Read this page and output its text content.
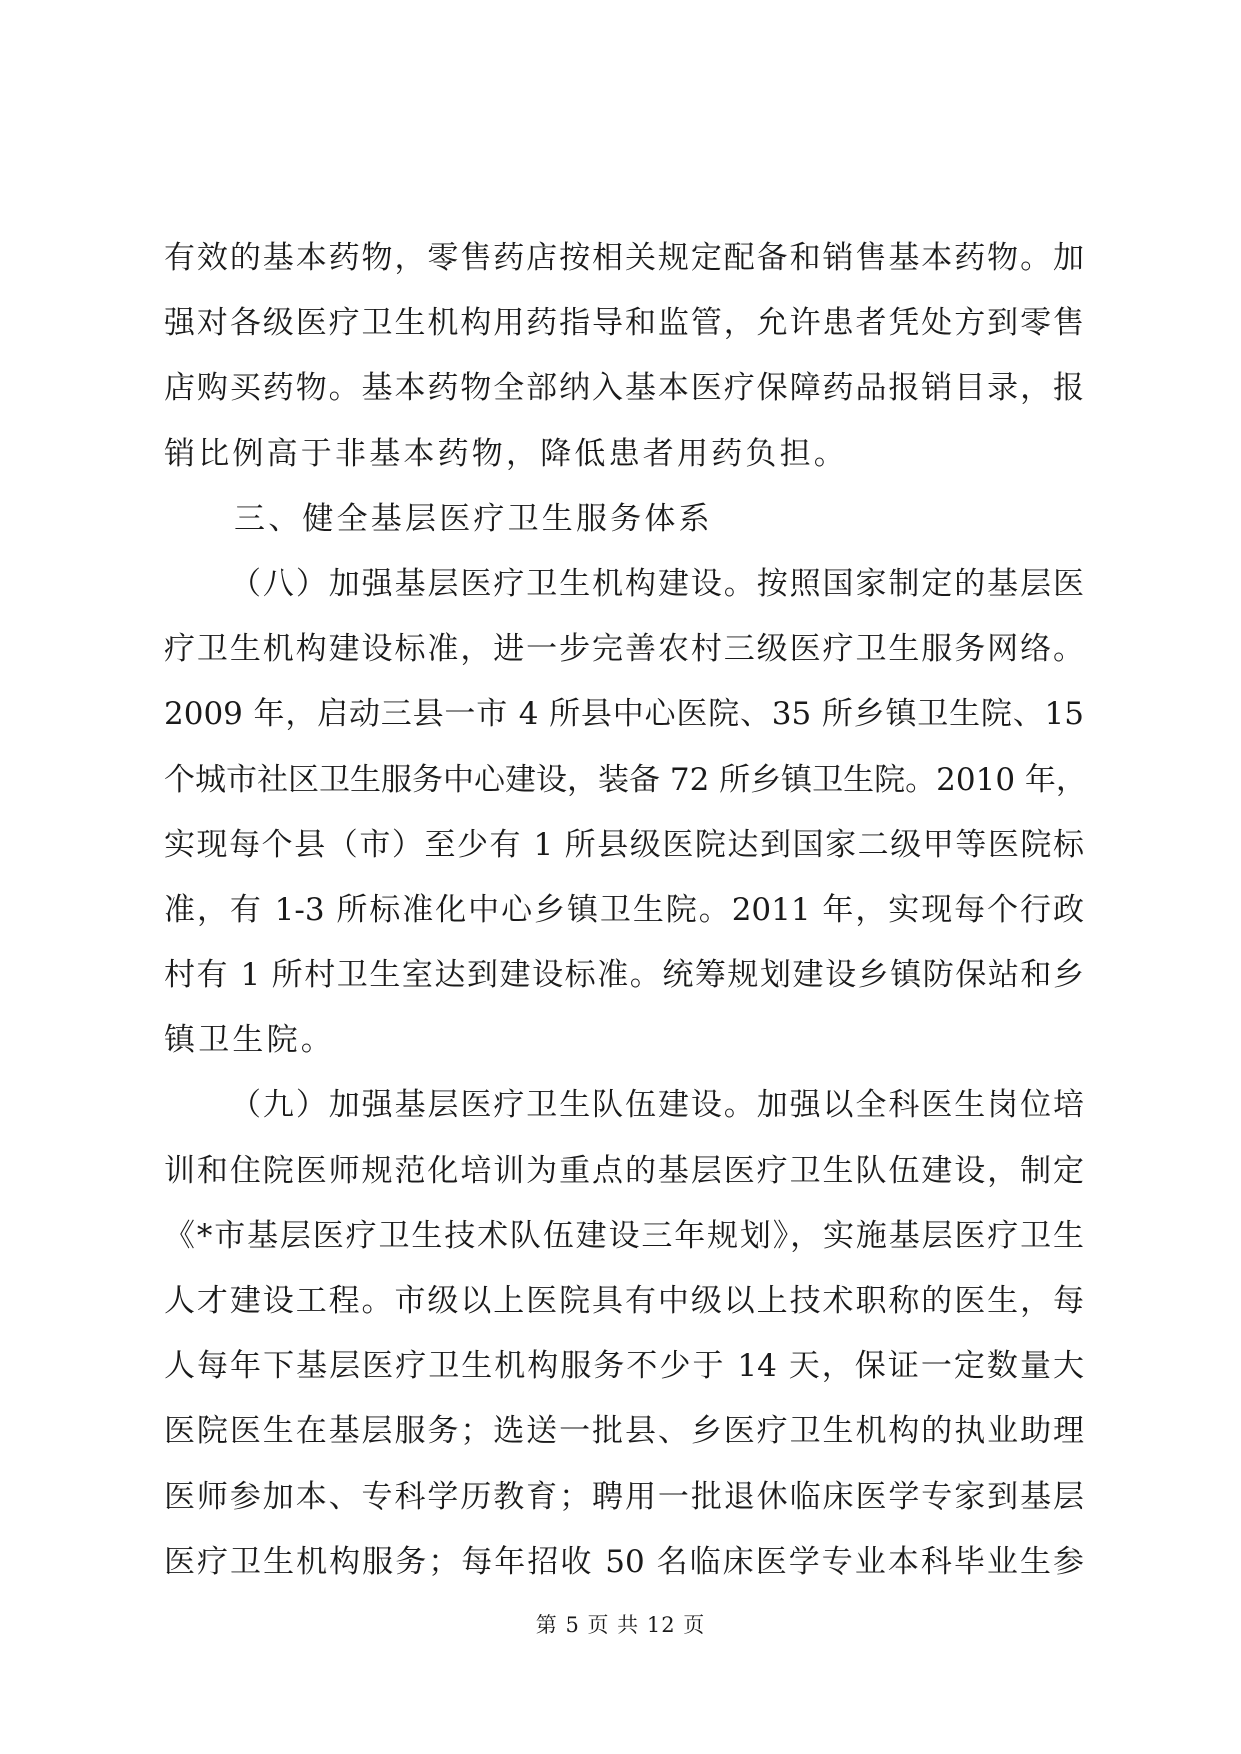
有效的基本药物，零售药店按相关规定配备和销售基本药物。加
强对各级医疗卫生机构用药指导和监管，允许患者凭处方到零售
店购买药物。基本药物全部纳入基本医疗保障药品报销目录，报
销比例高于非基本药物，降低患者用药负担。
三、健全基层医疗卫生服务体系
（八）加强基层医疗卫生机构建设。按照国家制定的基层医
疗卫生机构建设标准，进一步完善农村三级医疗卫生服务网络。
2009 年，启动三县一市 4 所县中心医院、35 所乡镇卫生院、15
个城市社区卫生服务中心建设，装备 72 所乡镇卫生院。2010 年，
实现每个县（市）至少有 1 所县级医院达到国家二级甲等医院标
准，有 1-3 所标准化中心乡镇卫生院。2011 年，实现每个行政
村有 1 所村卫生室达到建设标准。统筹规划建设乡镇防保站和乡
镇卫生院。
（九）加强基层医疗卫生队伍建设。加强以全科医生岗位培
训和住院医师规范化培训为重点的基层医疗卫生队伍建设，制定
《*市基层医疗卫生技术队伍建设三年规划》，实施基层医疗卫生
人才建设工程。市级以上医院具有中级以上技术职称的医生，每
人每年下基层医疗卫生机构服务不少于 14 天，保证一定数量大
医院医生在基层服务；选送一批县、乡医疗卫生机构的执业助理
医师参加本、专科学历教育；聘用一批退休临床医学专家到基层
医疗卫生机构服务；每年招收 50 名临床医学专业本科毕业生参
第 5 页 共 12 页
